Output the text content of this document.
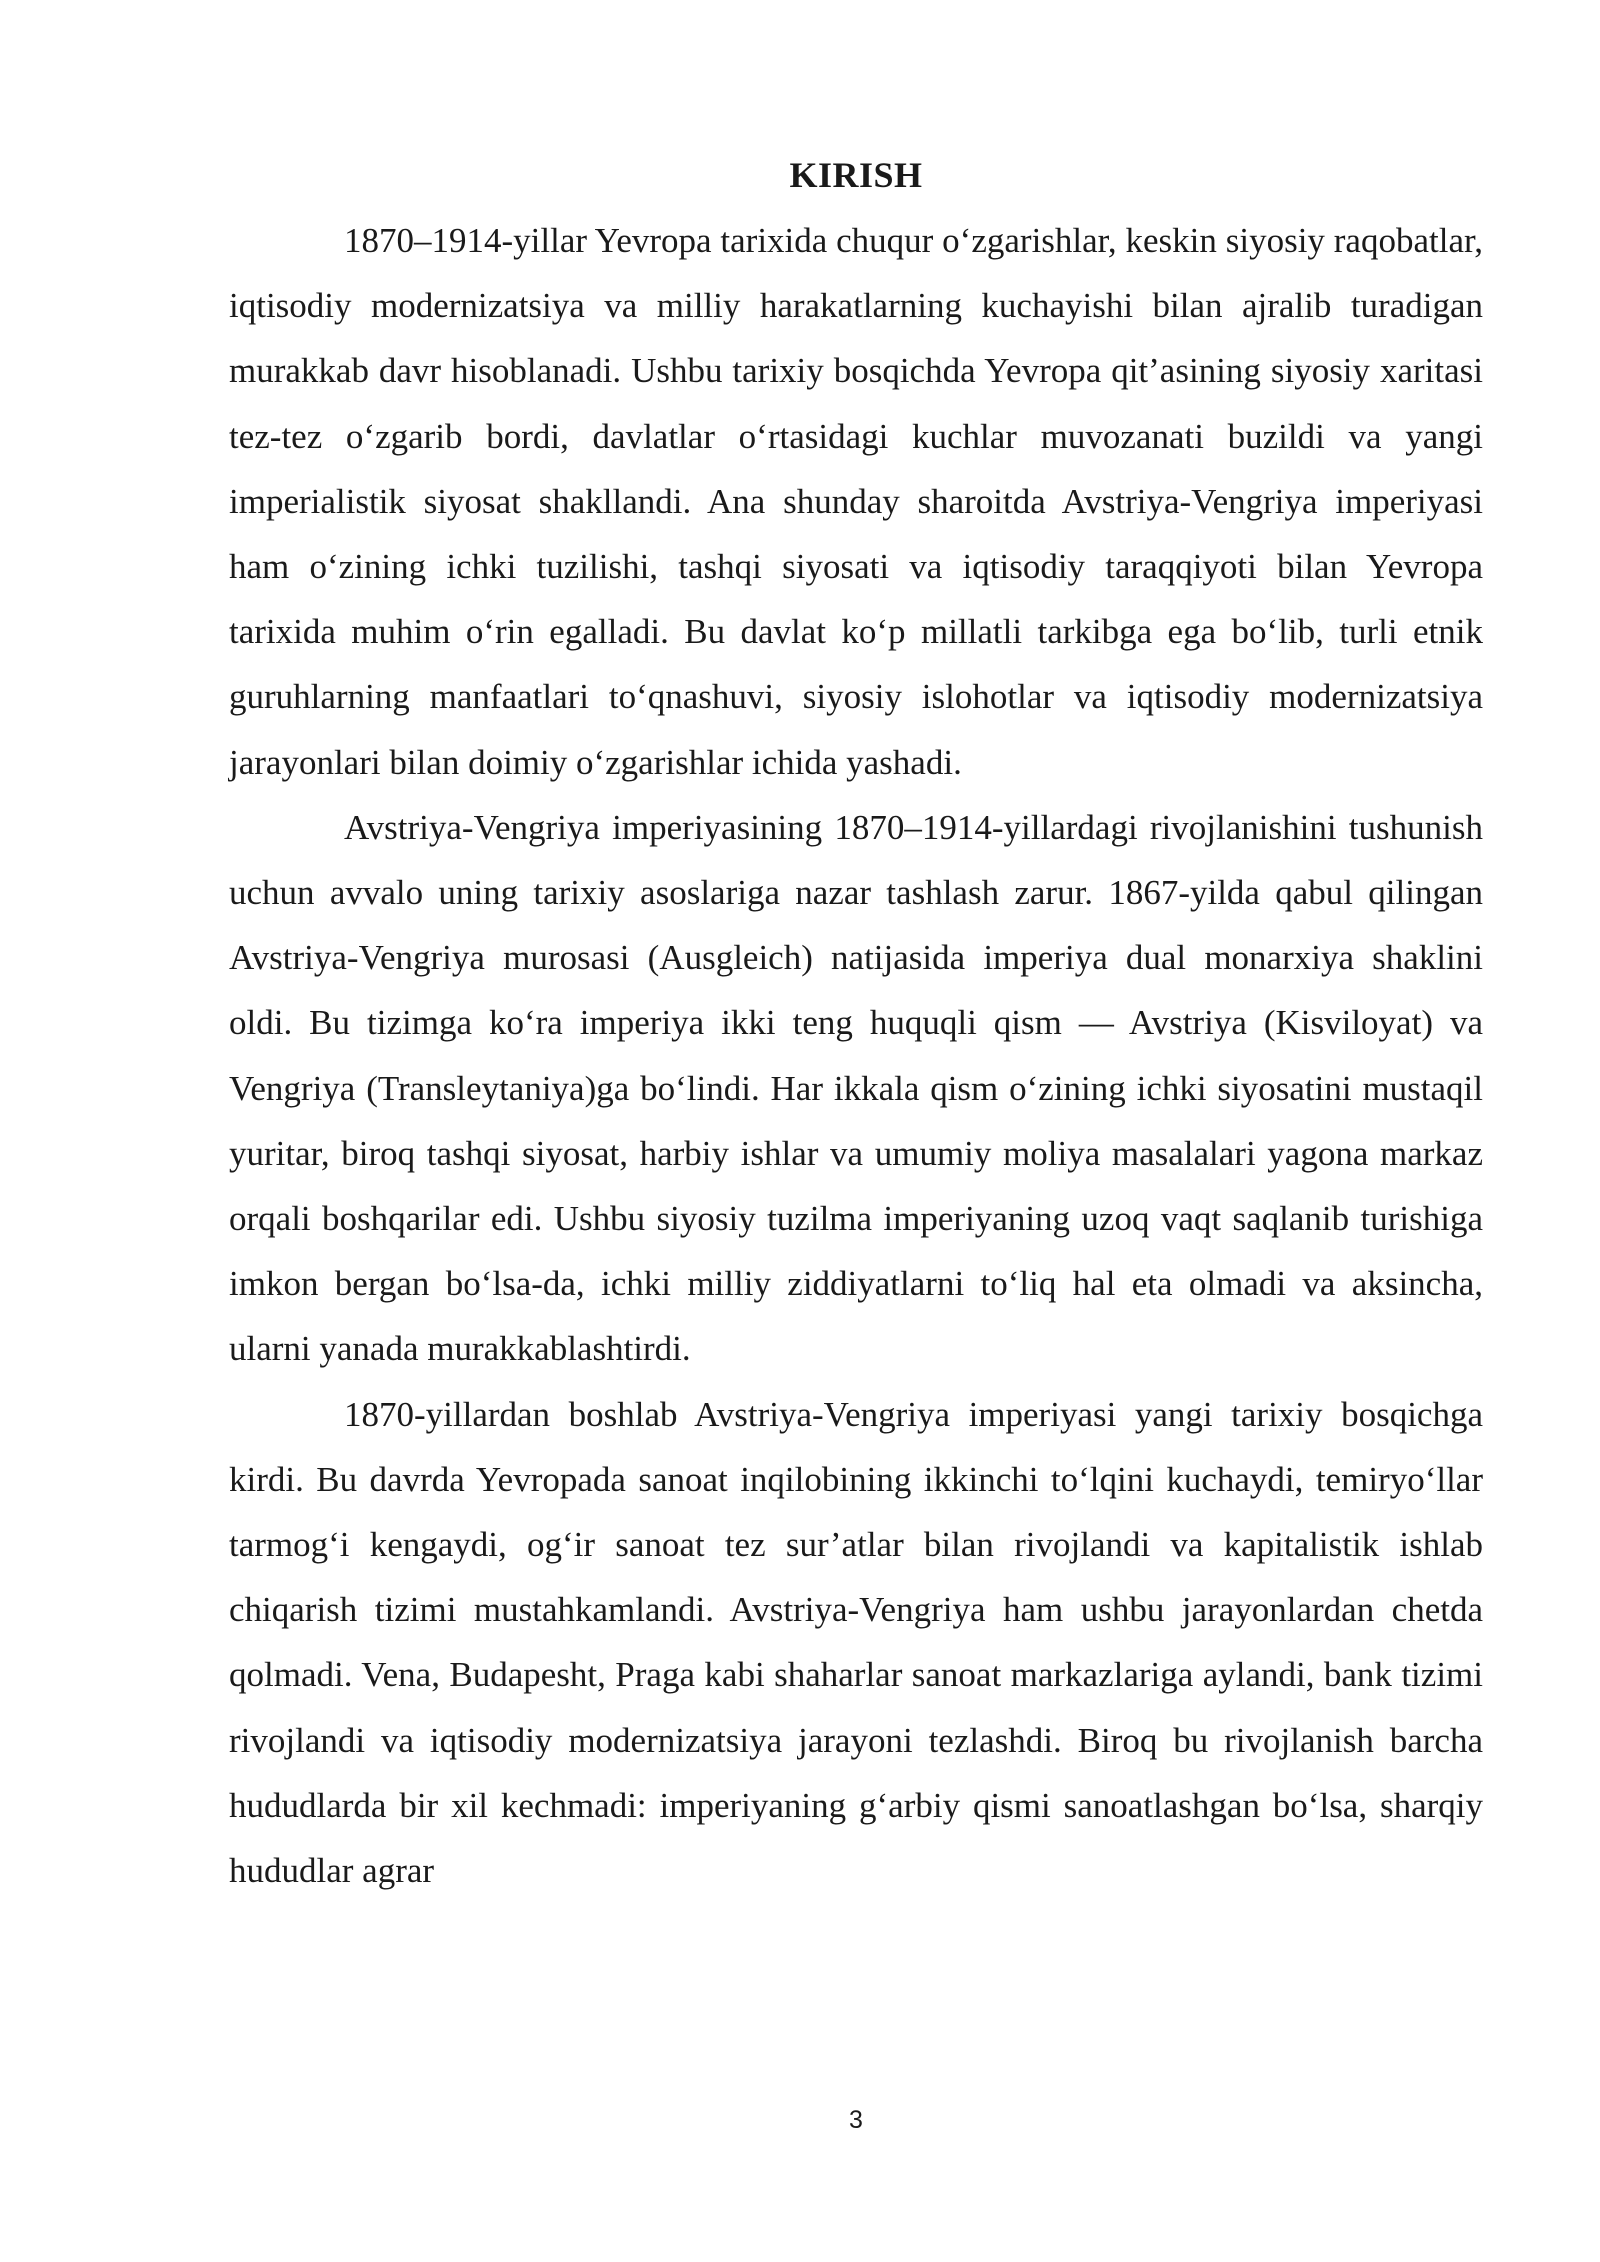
KIRISH

1870–1914-yillar Yevropa tarixida chuqur o‘zgarishlar, keskin siyosiy raqobatlar, iqtisodiy modernizatsiya va milliy harakatlarning kuchayishi bilan ajralib turadigan murakkab davr hisoblanadi. Ushbu tarixiy bosqichda Yevropa qit’asining siyosiy xaritasi tez-tez o‘zgarib bordi, davlatlar o‘rtasidagi kuchlar muvozanati buzildi va yangi imperialistik siyosat shakllandi. Ana shunday sharoitda Avstriya-Vengriya imperiyasi ham o‘zining ichki tuzilishi, tashqi siyosati va iqtisodiy taraqqiyoti bilan Yevropa tarixida muhim o‘rin egalladi. Bu davlat ko‘p millatli tarkibga ega bo‘lib, turli etnik guruhlarning manfaatlari to‘qnashuvi, siyosiy islohotlar va iqtisodiy modernizatsiya jarayonlari bilan doimiy o‘zgarishlar ichida yashadi.

Avstriya-Vengriya imperiyasining 1870–1914-yillardagi rivojlanishini tushunish uchun avvalo uning tarixiy asoslariga nazar tashlash zarur. 1867-yilda qabul qilingan Avstriya-Vengriya murosasi (Ausgleich) natijasida imperiya dual monarxiya shaklini oldi. Bu tizimga ko‘ra imperiya ikki teng huquqli qism — Avstriya (Kisviloyat) va Vengriya (Transleytaniya)ga bo‘lindi. Har ikkala qism o‘zining ichki siyosatini mustaqil yuritar, biroq tashqi siyosat, harbiy ishlar va umumiy moliya masalalari yagona markaz orqali boshqarilar edi. Ushbu siyosiy tuzilma imperiyaning uzoq vaqt saqlanib turishiga imkon bergan bo‘lsa-da, ichki milliy ziddiyatlarni to‘liq hal eta olmadi va aksincha, ularni yanada murakkablashtirdi.

1870-yillardan boshlab Avstriya-Vengriya imperiyasi yangi tarixiy bosqichga kirdi. Bu davrda Yevropada sanoat inqilobining ikkinchi to‘lqini kuchaydi, temiryo‘llar tarmog‘i kengaydi, og‘ir sanoat tez sur’atlar bilan rivojlandi va kapitalistik ishlab chiqarish tizimi mustahkamlandi. Avstriya-Vengriya ham ushbu jarayonlardan chetda qolmadi. Vena, Budapesht, Praga kabi shaharlar sanoat markazlariga aylandi, bank tizimi rivojlandi va iqtisodiy modernizatsiya jarayoni tezlashdi. Biroq bu rivojlanish barcha hududlarda bir xil kechmadi: imperiyaning g‘arbiy qismi sanoatlashgan bo‘lsa, sharqiy hududlar agrar

3
